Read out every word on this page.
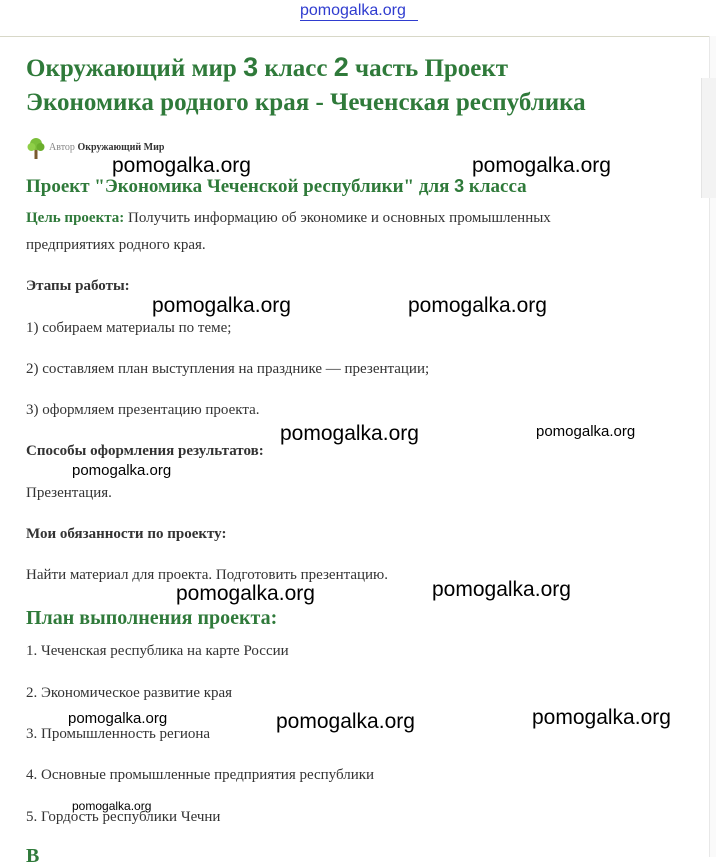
pomogalka.org
Окружающий мир 3 класс 2 часть Проект
Экономика родного края - Чеченская республика
Автор Окружающий Мир
Проект "Экономика Чеченской республики" для 3 класса
Цель проекта: Получить информацию об экономике и основных промышленных
предприятиях родного края.
Этапы работы:
1) собираем материалы по теме;
2) составляем план выступления на празднике — презентации;
3) оформляем презентацию проекта.
Способы оформления результатов:
Презентация.
Мои обязанности по проекту:
Найти материал для проекта. Подготовить презентацию.
План выполнения проекта:
1. Чеченская республика на карте России
2. Экономическое развитие края
3. Промышленность региона
4. Основные промышленные предприятия республики
5. Гордость республики Чечни
В
pomogalka.org	pomogalka.org
pomogalka.org	pomogalka.org
pomogalka.org	pomogalka.org
pomogalka.org
pomogalka.org	pomogalka.org
pomogalka.org	pomogalka.org	pomogalka.org
pomogalka.org
